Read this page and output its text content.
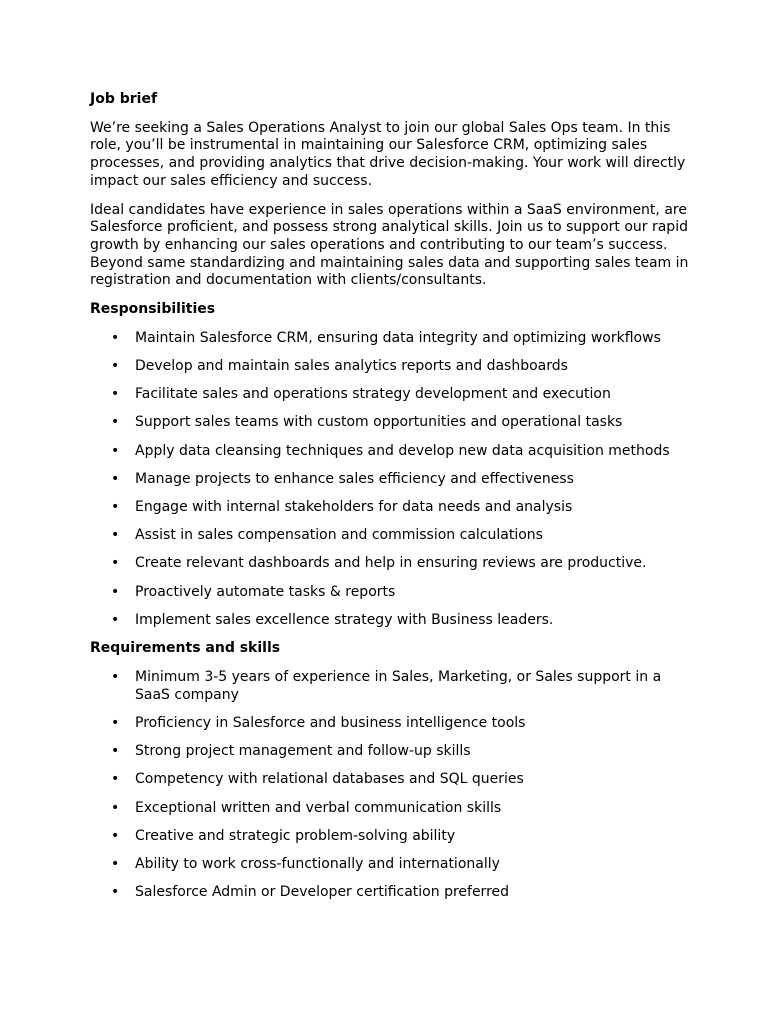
Job brief

We’re seeking a Sales Operations Analyst to join our global Sales Ops team. In this role, you’ll be instrumental in maintaining our Salesforce CRM, optimizing sales processes, and providing analytics that drive decision-making. Your work will directly impact our sales efficiency and success.

Ideal candidates have experience in sales operations within a SaaS environment, are Salesforce proficient, and possess strong analytical skills. Join us to support our rapid growth by enhancing our sales operations and contributing to our team’s success. Beyond same standardizing and maintaining sales data and supporting sales team in registration and documentation with clients/consultants.

Responsibilities
• Maintain Salesforce CRM, ensuring data integrity and optimizing workflows
• Develop and maintain sales analytics reports and dashboards
• Facilitate sales and operations strategy development and execution
• Support sales teams with custom opportunities and operational tasks
• Apply data cleansing techniques and develop new data acquisition methods
• Manage projects to enhance sales efficiency and effectiveness
• Engage with internal stakeholders for data needs and analysis
• Assist in sales compensation and commission calculations
• Create relevant dashboards and help in ensuring reviews are productive.
• Proactively automate tasks & reports
• Implement sales excellence strategy with Business leaders.
Requirements and skills
• Minimum 3-5 years of experience in Sales, Marketing, or Sales support in a SaaS company
• Proficiency in Salesforce and business intelligence tools
• Strong project management and follow-up skills
• Competency with relational databases and SQL queries
• Exceptional written and verbal communication skills
• Creative and strategic problem-solving ability
• Ability to work cross-functionally and internationally
• Salesforce Admin or Developer certification preferred
